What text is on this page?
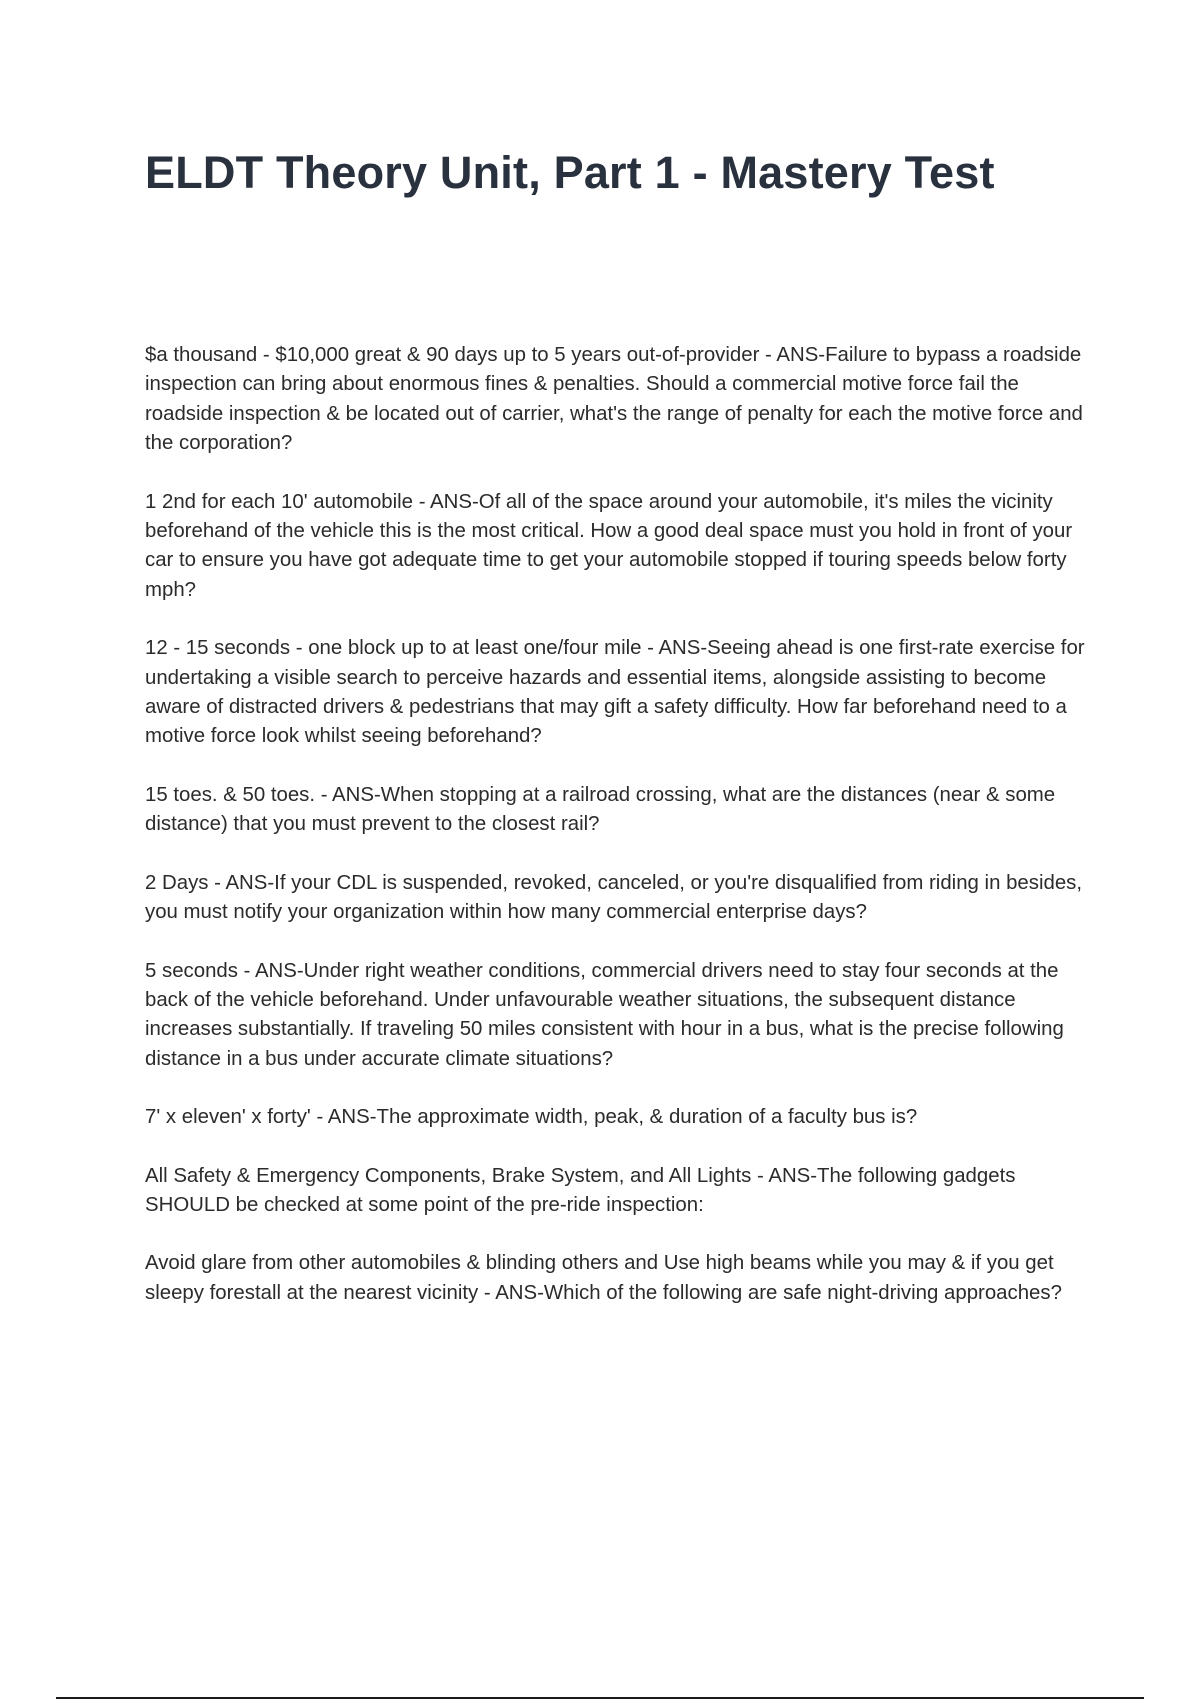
ELDT Theory Unit, Part 1 - Mastery Test
$a thousand - $10,000 great & 90 days up to 5 years out-of-provider - ANS-Failure to bypass a roadside inspection can bring about enormous fines & penalties. Should a commercial motive force fail the roadside inspection & be located out of carrier, what's the range of penalty for each the motive force and the corporation?
1 2nd for each 10' automobile - ANS-Of all of the space around your automobile, it's miles the vicinity beforehand of the vehicle this is the most critical. How a good deal space must you hold in front of your car to ensure you have got adequate time to get your automobile stopped if touring speeds below forty mph?
12 - 15 seconds - one block up to at least one/four mile - ANS-Seeing ahead is one first-rate exercise for undertaking a visible search to perceive hazards and essential items, alongside assisting to become aware of distracted drivers & pedestrians that may gift a safety difficulty. How far beforehand need to a motive force look whilst seeing beforehand?
15 toes. & 50 toes. - ANS-When stopping at a railroad crossing, what are the distances (near & some distance) that you must prevent to the closest rail?
2 Days - ANS-If your CDL is suspended, revoked, canceled, or you're disqualified from riding in besides, you must notify your organization within how many commercial enterprise days?
5 seconds - ANS-Under right weather conditions, commercial drivers need to stay four seconds at the back of the vehicle beforehand. Under unfavourable weather situations, the subsequent distance increases substantially. If traveling 50 miles consistent with hour in a bus, what is the precise following distance in a bus under accurate climate situations?
7' x eleven' x forty' - ANS-The approximate width, peak, & duration of a faculty bus is?
All Safety & Emergency Components, Brake System, and All Lights - ANS-The following gadgets SHOULD be checked at some point of the pre-ride inspection:
Avoid glare from other automobiles & blinding others and Use high beams while you may & if you get sleepy forestall at the nearest vicinity - ANS-Which of the following are safe night-driving approaches?
